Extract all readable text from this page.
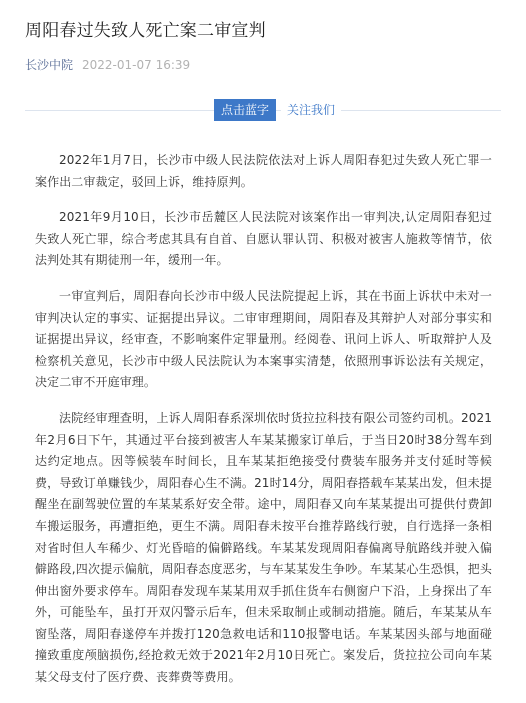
周阳春过失致人死亡案二审宣判
长沙中院 2022-01-07 16:39
点击蓝字	关注我们

2022年1月7日，长沙市中级人民法院依法对上诉人周阳春犯过失致人死亡罪一案作出二审裁定，驳回上诉，维持原判。

2021年9月10日，长沙市岳麓区人民法院对该案作出一审判决,认定周阳春犯过失致人死亡罪，综合考虑其具有自首、自愿认罪认罚、积极对被害人施救等情节，依法判处其有期徒刑一年，缓刑一年。

一审宣判后，周阳春向长沙市中级人民法院提起上诉，其在书面上诉状中未对一审判决认定的事实、证据提出异议。二审审理期间，周阳春及其辩护人对部分事实和证据提出异议，经审查，不影响案件定罪量刑。经阅卷、讯问上诉人、听取辩护人及检察机关意见，长沙市中级人民法院认为本案事实清楚，依照刑事诉讼法有关规定，决定二审不开庭审理。

法院经审理查明，上诉人周阳春系深圳依时货拉拉科技有限公司签约司机。2021年2月6日下午，其通过平台接到被害人车某某搬家订单后，于当日20时38分驾车到达约定地点。因等候装车时间长，且车某某拒绝接受付费装车服务并支付延时等候费，导致订单赚钱少，周阳春心生不满。21时14分，周阳春搭载车某某出发，但未提醒坐在副驾驶位置的车某某系好安全带。途中，周阳春又向车某某提出可提供付费卸车搬运服务，再遭拒绝，更生不满。周阳春未按平台推荐路线行驶，自行选择一条相对省时但人车稀少、灯光昏暗的偏僻路线。车某某发现周阳春偏离导航路线并驶入偏僻路段,四次提示偏航，周阳春态度恶劣，与车某某发生争吵。车某某心生恐惧，把头伸出窗外要求停车。周阳春发现车某某用双手抓住货车右侧窗户下沿，上身探出了车外，可能坠车，虽打开双闪警示后车，但未采取制止或制动措施。随后，车某某从车窗坠落，周阳春遂停车并拨打120急救电话和110报警电话。车某某因头部与地面碰撞致重度颅脑损伤,经抢救无效于2021年2月10日死亡。案发后，货拉拉公司向车某某父母支付了医疗费、丧葬费等费用。
